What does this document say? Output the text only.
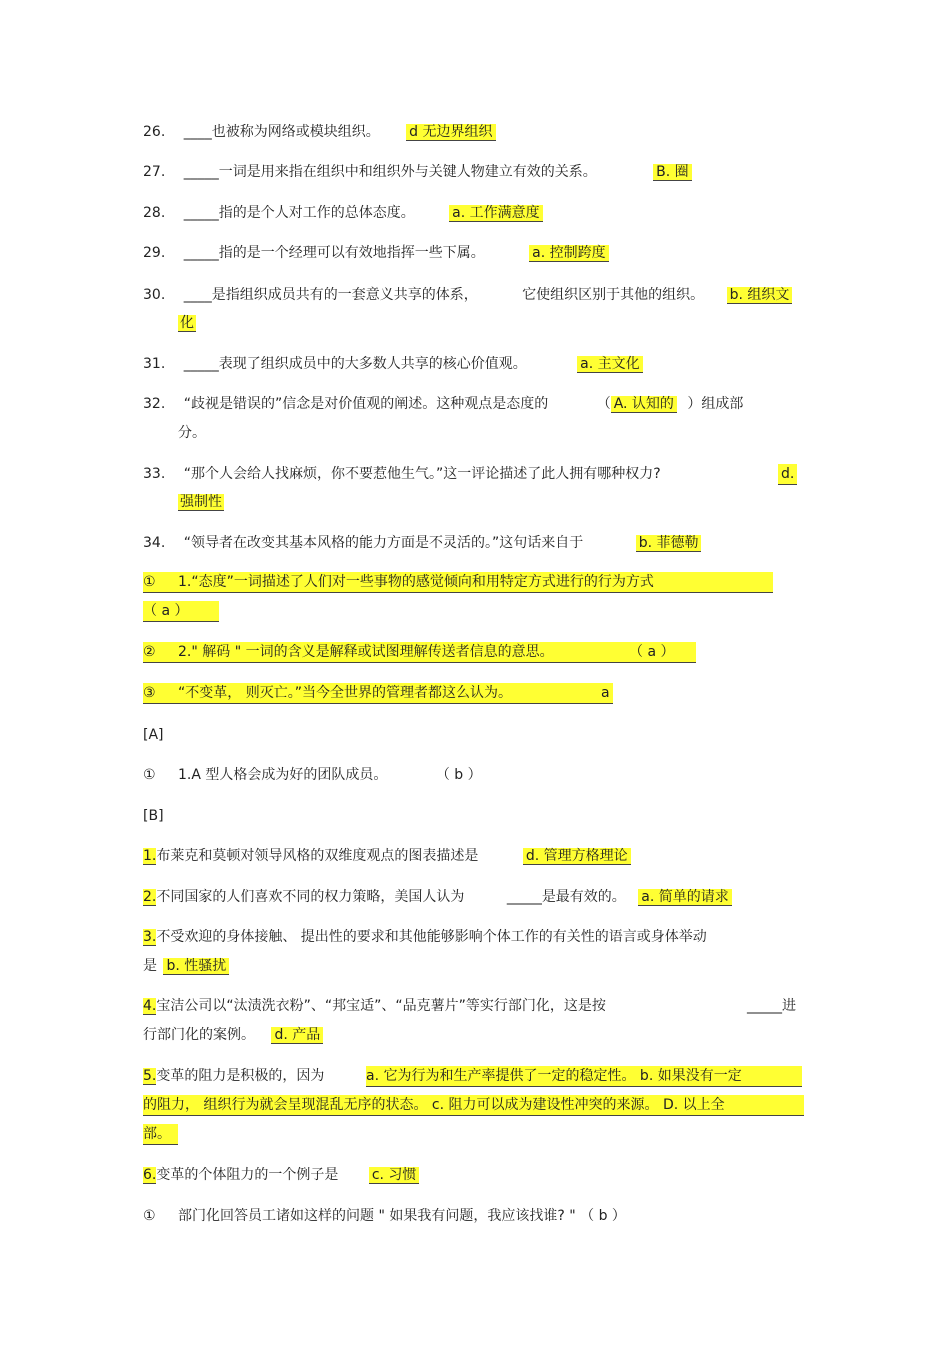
26. ____也被称为网络或模块组织。 d 无边界组织
27. _____一词是用来指在组织中和组织外与关键人物建立有效的关系。	B. 圈
28. _____指的是个人对工作的总体态度。	a. 工作满意度
29. _____指的是一个经理可以有效地指挥一些下属。	a. 控制跨度
30. ____是指组织成员共有的一套意义共享的体系，	它使组织区别于其他的组织。 b. 组织文
化
31. _____表现了组织成员中的大多数人共享的核心价值观。	a. 主文化
32. “歧视是错误的”信念是对价值观的阐述。这种观点是态度的	（ A. 认知的 ）组成部
分。
33. “那个人会给人找麻烦，你不要惹他生气。”这一评论描述了此人拥有哪种权力?	d.
强制性
34. “领导者在改变其基本风格的能力方面是不灵活的。”这句话来自于	b. 菲德勒
① 1.“态度”一词描述了人们对一些事物的感觉倾向和用特定方式进行的行为方式
（ a ）
② 2." 解码 " 一词的含义是解释或试图理解传送者信息的意思。	（ a ）
③ “不变革， 则灭亡。”当今全世界的管理者都这么认为。	a
[A]
① 1.A 型人格会成为好的团队成员。	（ b ）
[B]
1.布莱克和莫顿对领导风格的双维度观点的图表描述是	d. 管理方格理论
2.不同国家的人们喜欢不同的权力策略，美国人认为	_____是最有效的。 a. 简单的请求
3.不受欢迎的身体接触、 提出性的要求和其他能够影响个体工作的有关性的语言或身体举动
是 b. 性骚扰
4.宝洁公司以“汰渍洗衣粉”、“邦宝适”、“品克薯片”等实行部门化，这是按	_____进
行部门化的案例。 d. 产品
5.变革的阻力是积极的，因为	a. 它为行为和生产率提供了一定的稳定性。 b. 如果没有一定
的阻力， 组织行为就会呈现混乱无序的状态。 c. 阻力可以成为建设性冲突的来源。 D. 以上全
部。
6.变革的个体阻力的一个例子是 c. 习惯
① 部门化回答员工诸如这样的问题 " 如果我有问题，我应该找谁? " （ b ）
